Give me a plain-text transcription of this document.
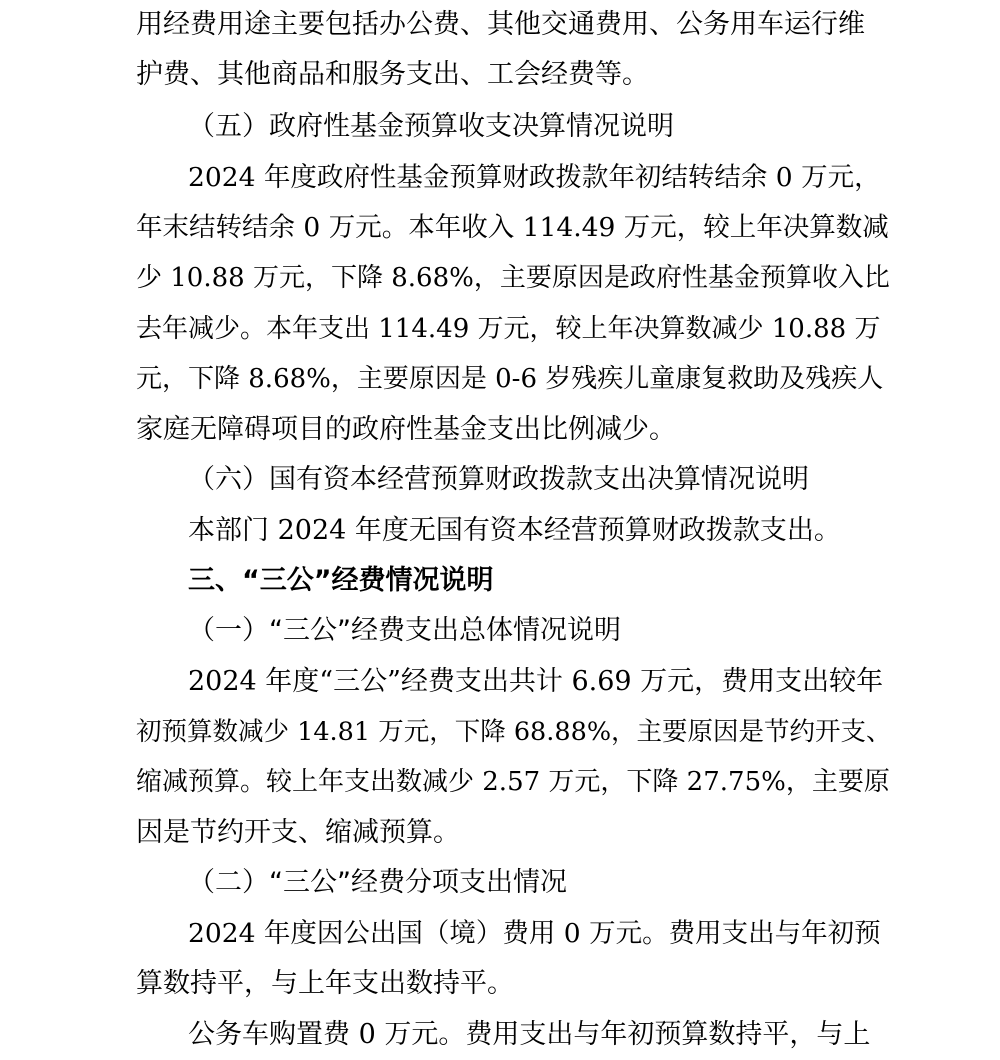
用经费用途主要包括办公费、其他交通费用、公务用车运行维
护费、其他商品和服务支出、工会经费等。
（五）政府性基金预算收支决算情况说明
2024 年度政府性基金预算财政拨款年初结转结余 0 万元，
年末结转结余 0 万元。本年收入 114.49 万元，较上年决算数减
少 10.88 万元，下降 8.68%，主要原因是政府性基金预算收入比
去年减少。本年支出 114.49 万元，较上年决算数减少 10.88 万
元，下降 8.68%，主要原因是 0-6 岁残疾儿童康复救助及残疾人
家庭无障碍项目的政府性基金支出比例减少。
（六）国有资本经营预算财政拨款支出决算情况说明
本部门 2024 年度无国有资本经营预算财政拨款支出。
三、“三公”经费情况说明
（一）“三公”经费支出总体情况说明
2024 年度“三公”经费支出共计 6.69 万元，费用支出较年
初预算数减少 14.81 万元，下降 68.88%，主要原因是节约开支、
缩减预算。较上年支出数减少 2.57 万元，下降 27.75%，主要原
因是节约开支、缩减预算。
（二）“三公”经费分项支出情况
2024 年度因公出国（境）费用 0 万元。费用支出与年初预
算数持平，与上年支出数持平。
公务车购置费 0 万元。费用支出与年初预算数持平，与上
